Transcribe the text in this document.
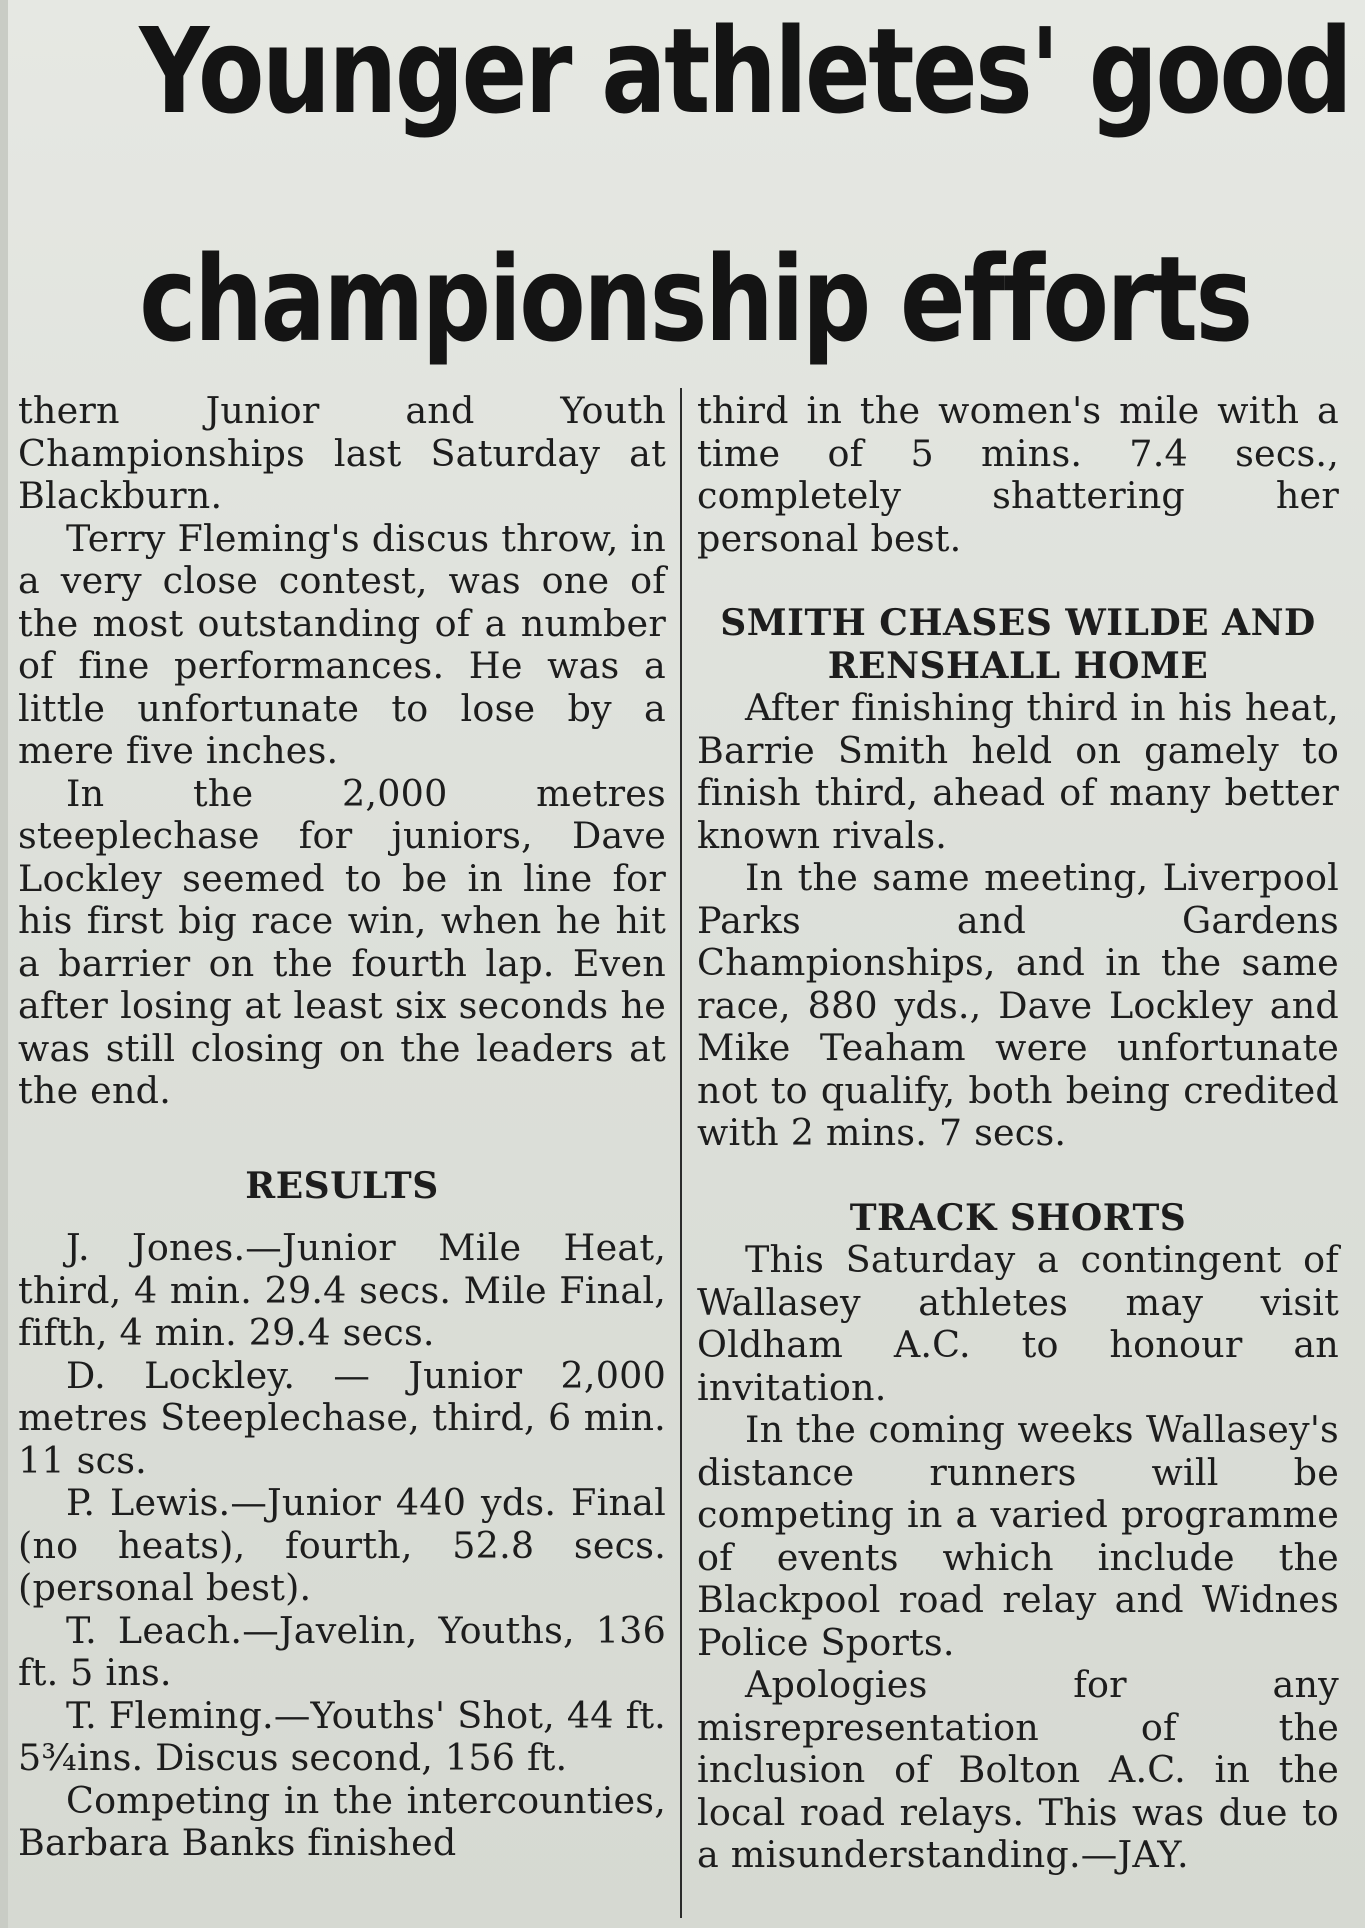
Younger athletes' good
championship efforts

thern Junior and Youth Championships last Saturday at Blackburn.

Terry Fleming's discus throw, in a very close contest, was one of the most outstanding of a number of fine performances. He was a little unfortunate to lose by a mere five inches.

In the 2,000 metres steeplechase for juniors, Dave Lockley seemed to be in line for his first big race win, when he hit a barrier on the fourth lap. Even after losing at least six seconds he was still closing on the leaders at the end.

RESULTS

J. Jones.—Junior Mile Heat, third, 4 min. 29.4 secs. Mile Final, fifth, 4 min. 29.4 secs.

D. Lockley. — Junior 2,000 metres Steeplechase, third, 6 min. 11 scs.

P. Lewis.—Junior 440 yds. Final (no heats), fourth, 52.8 secs. (personal best).

T. Leach.—Javelin, Youths, 136 ft. 5 ins.

T. Fleming.—Youths' Shot, 44 ft. 5¾ins. Discus second, 156 ft.

Competing in the intercounties, Barbara Banks finished

third in the women's mile with a time of 5 mins. 7.4 secs., completely shattering her personal best.

SMITH CHASES WILDE AND RENSHALL HOME

After finishing third in his heat, Barrie Smith held on gamely to finish third, ahead of many better known rivals.

In the same meeting, Liverpool Parks and Gardens Championships, and in the same race, 880 yds., Dave Lockley and Mike Teaham were unfortunate not to qualify, both being credited with 2 mins. 7 secs.

TRACK SHORTS

This Saturday a contingent of Wallasey athletes may visit Oldham A.C. to honour an invitation.

In the coming weeks Wallasey's distance runners will be competing in a varied programme of events which include the Blackpool road relay and Widnes Police Sports.

Apologies for any misrepresentation of the inclusion of Bolton A.C. in the local road relays. This was due to a misunderstanding.—JAY.
